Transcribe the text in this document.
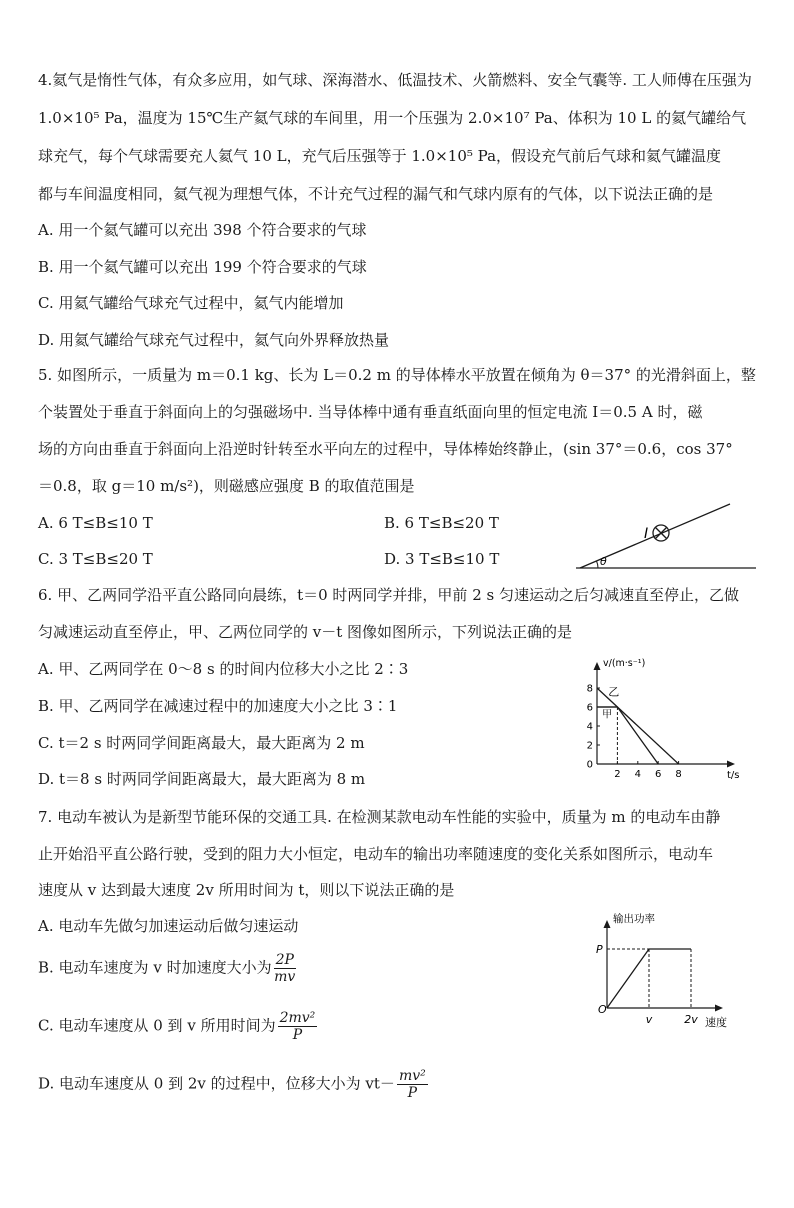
4.氦气是惰性气体，有众多应用，如气球、深海潜水、低温技术、火箭燃料、安全气囊等. 工人师傅在压强为
1.0×10⁵ Pa，温度为 15℃生产氦气球的车间里，用一个压强为 2.0×10⁷ Pa、体积为 10 L 的氦气罐给气
球充气，每个气球需要充人氦气 10 L，充气后压强等于 1.0×10⁵ Pa，假设充气前后气球和氦气罐温度
都与车间温度相同，氦气视为理想气体，不计充气过程的漏气和气球内原有的气体，以下说法正确的是
A. 用一个氦气罐可以充出 398 个符合要求的气球
B. 用一个氦气罐可以充出 199 个符合要求的气球
C. 用氦气罐给气球充气过程中，氦气内能增加
D. 用氦气罐给气球充气过程中，氦气向外界释放热量
5. 如图所示，一质量为 m＝0.1 kg、长为 L＝0.2 m 的导体棒水平放置在倾角为 θ＝37° 的光滑斜面上，整
个装置处于垂直于斜面向上的匀强磁场中. 当导体棒中通有垂直纸面向里的恒定电流 I＝0.5 A 时，磁
场的方向由垂直于斜面向上沿逆时针转至水平向左的过程中，导体棒始终静止，(sin 37°＝0.6，cos 37°
＝0.8，取 g＝10 m/s²)，则磁感应强度 B 的取值范围是
A. 6 T≤B≤10 T	B. 6 T≤B≤20 T
C. 3 T≤B≤20 T	D. 3 T≤B≤10 T	θ
I
6. 甲、乙两同学沿平直公路同向晨练，t＝0 时两同学并排，甲前 2 s 匀速运动之后匀减速直至停止，乙做
匀减速运动直至停止，甲、乙两位同学的 v－t 图像如图所示，下列说法正确的是
A. 甲、乙两同学在 0～8 s 的时间内位移大小之比 2∶3
B. 甲、乙两同学在减速过程中的加速度大小之比 3∶1
C. t＝2 s 时两同学间距离最大，最大距离为 2 m
D. t＝8 s 时两同学间距离最大，最大距离为 8 m
v/(m·s⁻¹)
t/s
0
2
4
6
8
2 4 6 8
乙
甲
7. 电动车被认为是新型节能环保的交通工具. 在检测某款电动车性能的实验中，质量为 m 的电动车由静
止开始沿平直公路行驶，受到的阻力大小恒定，电动车的输出功率随速度的变化关系如图所示，电动车
速度从 v 达到最大速度 2v 所用时间为 t，则以下说法正确的是
A. 电动车先做匀加速运动后做匀速运动
B. 电动车速度为 v 时加速度大小为 $\frac{2P}{mv}$
C. 电动车速度从 0 到 v 所用时间为 $\frac{\text{2mv²}}{P}$
D. 电动车速度从 0 到 2v 的过程中，位移大小为 $vt- \frac{\text{mv²}}{P}$
输出功率
速度
O
P
v	2v
